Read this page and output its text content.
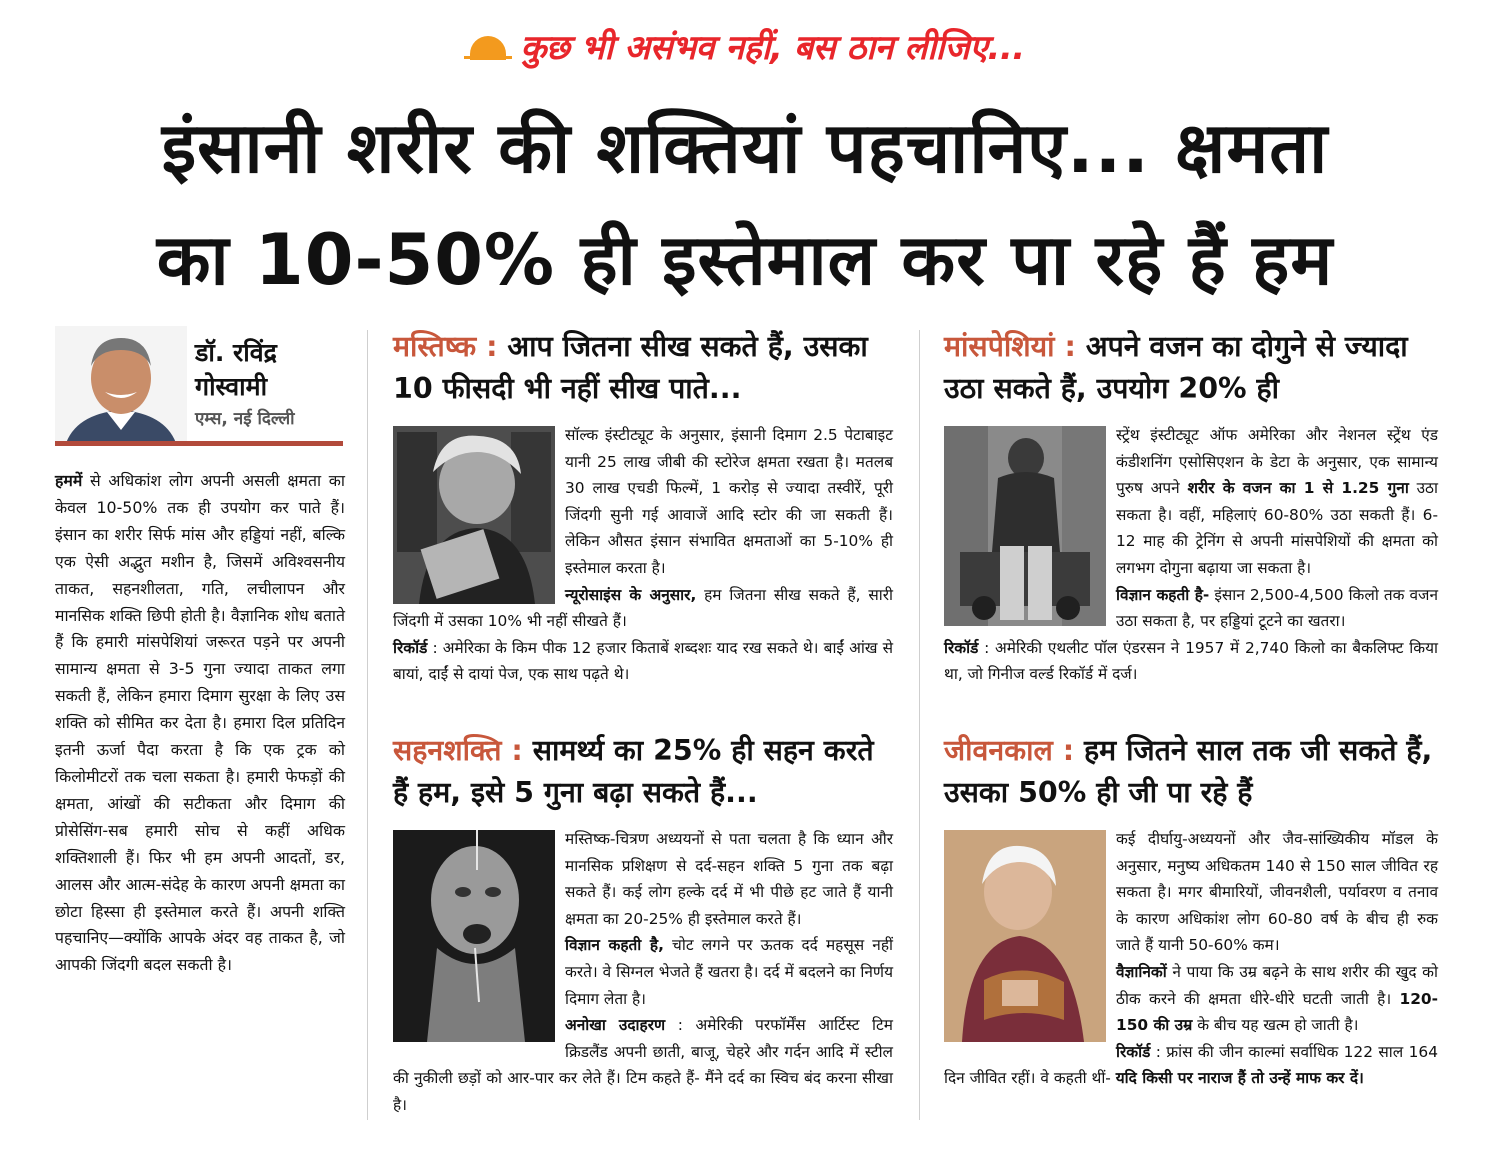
कुछ भी असंभव नहीं, बस ठान लीजिए...
इंसानी शरीर की शक्तियां पहचानिए... क्षमता
का 10-50% ही इस्तेमाल कर पा रहे हैं हम
डॉ. रविंद्र
गोस्वामी
एम्स, नई दिल्ली

हममें से अधिकांश लोग अपनी असली क्षमता का केवल 10-50% तक ही उपयोग कर पाते हैं। इंसान का शरीर सिर्फ मांस और हड्डियां नहीं, बल्कि एक ऐसी अद्भुत मशीन है, जिसमें अविश्वसनीय ताकत, सहनशीलता, गति, लचीलापन और मानसिक शक्ति छिपी होती है। वैज्ञानिक शोध बताते हैं कि हमारी मांसपेशियां जरूरत पड़ने पर अपनी सामान्य क्षमता से 3-5 गुना ज्यादा ताकत लगा सकती हैं, लेकिन हमारा दिमाग सुरक्षा के लिए उस शक्ति को सीमित कर देता है। हमारा दिल प्रतिदिन इतनी ऊर्जा पैदा करता है कि एक ट्रक को किलोमीटरों तक चला सकता है। हमारी फेफड़ों की क्षमता, आंखों की सटीकता और दिमाग की प्रोसेसिंग-सब हमारी सोच से कहीं अधिक शक्तिशाली हैं। फिर भी हम अपनी आदतों, डर, आलस और आत्म-संदेह के कारण अपनी क्षमता का छोटा हिस्सा ही इस्तेमाल करते हैं। अपनी शक्ति पहचानिए—क्योंकि आपके अंदर वह ताकत है, जो आपकी जिंदगी बदल सकती है।

मस्तिष्क : आप जितना सीख सकते हैं, उसका 10 फीसदी भी नहीं सीख पाते...

सॉल्क इंस्टीट्यूट के अनुसार, इंसानी दिमाग 2.5 पेटाबाइट यानी 25 लाख जीबी की स्टोरेज क्षमता रखता है। मतलब 30 लाख एचडी फिल्में, 1 करोड़ से ज्यादा तस्वीरें, पूरी जिंदगी सुनी गई आवाजें आदि स्टोर की जा सकती हैं। लेकिन औसत इंसान संभावित क्षमताओं का 5-10% ही इस्तेमाल करता है।

न्यूरोसाइंस के अनुसार, हम जितना सीख सकते हैं, सारी जिंदगी में उसका 10% भी नहीं सीखते हैं।

रिकॉर्ड : अमेरिका के किम पीक 12 हजार किताबें शब्दशः याद रख सकते थे। बाईं आंख से बायां, दाईं से दायां पेज, एक साथ पढ़ते थे।

मांसपेशियां : अपने वजन का दोगुने से ज्यादा उठा सकते हैं, उपयोग 20% ही

स्ट्रेंथ इंस्टीट्यूट ऑफ अमेरिका और नेशनल स्ट्रेंथ एंड कंडीशनिंग एसोसिएशन के डेटा के अनुसार, एक सामान्य पुरुष अपने शरीर के वजन का 1 से 1.25 गुना उठा सकता है। वहीं, महिलाएं 60-80% उठा सकती हैं। 6-12 माह की ट्रेनिंग से अपनी मांसपेशियों की क्षमता को लगभग दोगुना बढ़ाया जा सकता है।

विज्ञान कहती है- इंसान 2,500-4,500 किलो तक वजन उठा सकता है, पर हड्डियां टूटने का खतरा।

रिकॉर्ड : अमेरिकी एथलीट पॉल एंडरसन ने 1957 में 2,740 किलो का बैकलिफ्ट किया था, जो गिनीज वर्ल्ड रिकॉर्ड में दर्ज।

सहनशक्ति : सामर्थ्य का 25% ही सहन करते हैं हम, इसे 5 गुना बढ़ा सकते हैं...

मस्तिष्क-चित्रण अध्ययनों से पता चलता है कि ध्यान और मानसिक प्रशिक्षण से दर्द-सहन शक्ति 5 गुना तक बढ़ा सकते हैं। कई लोग हल्के दर्द में भी पीछे हट जाते हैं यानी क्षमता का 20-25% ही इस्तेमाल करते हैं।

विज्ञान कहती है, चोट लगने पर ऊतक दर्द महसूस नहीं करते। वे सिग्नल भेजते हैं खतरा है। दर्द में बदलने का निर्णय दिमाग लेता है।

अनोखा उदाहरण : अमेरिकी परफॉर्मेंस आर्टिस्ट टिम क्रिडलैंड अपनी छाती, बाजू, चेहरे और गर्दन आदि में स्टील की नुकीली छड़ों को आर-पार कर लेते हैं। टिम कहते हैं- मैंने दर्द का स्विच बंद करना सीखा है।

जीवनकाल : हम जितने साल तक जी सकते हैं, उसका 50% ही जी पा रहे हैं

कई दीर्घायु-अध्ययनों और जैव-सांख्यिकीय मॉडल के अनुसार, मनुष्य अधिकतम 140 से 150 साल जीवित रह सकता है। मगर बीमारियों, जीवनशैली, पर्यावरण व तनाव के कारण अधिकांश लोग 60-80 वर्ष के बीच ही रुक जाते हैं यानी 50-60% कम।

वैज्ञानिकों ने पाया कि उम्र बढ़ने के साथ शरीर की खुद को ठीक करने की क्षमता धीरे-धीरे घटती जाती है। 120-150 की उम्र के बीच यह खत्म हो जाती है।

रिकॉर्ड : फ्रांस की जीन काल्मां सर्वाधिक 122 साल 164 दिन जीवित रहीं। वे कहती थीं- यदि किसी पर नाराज हैं तो उन्हें माफ कर दें।
